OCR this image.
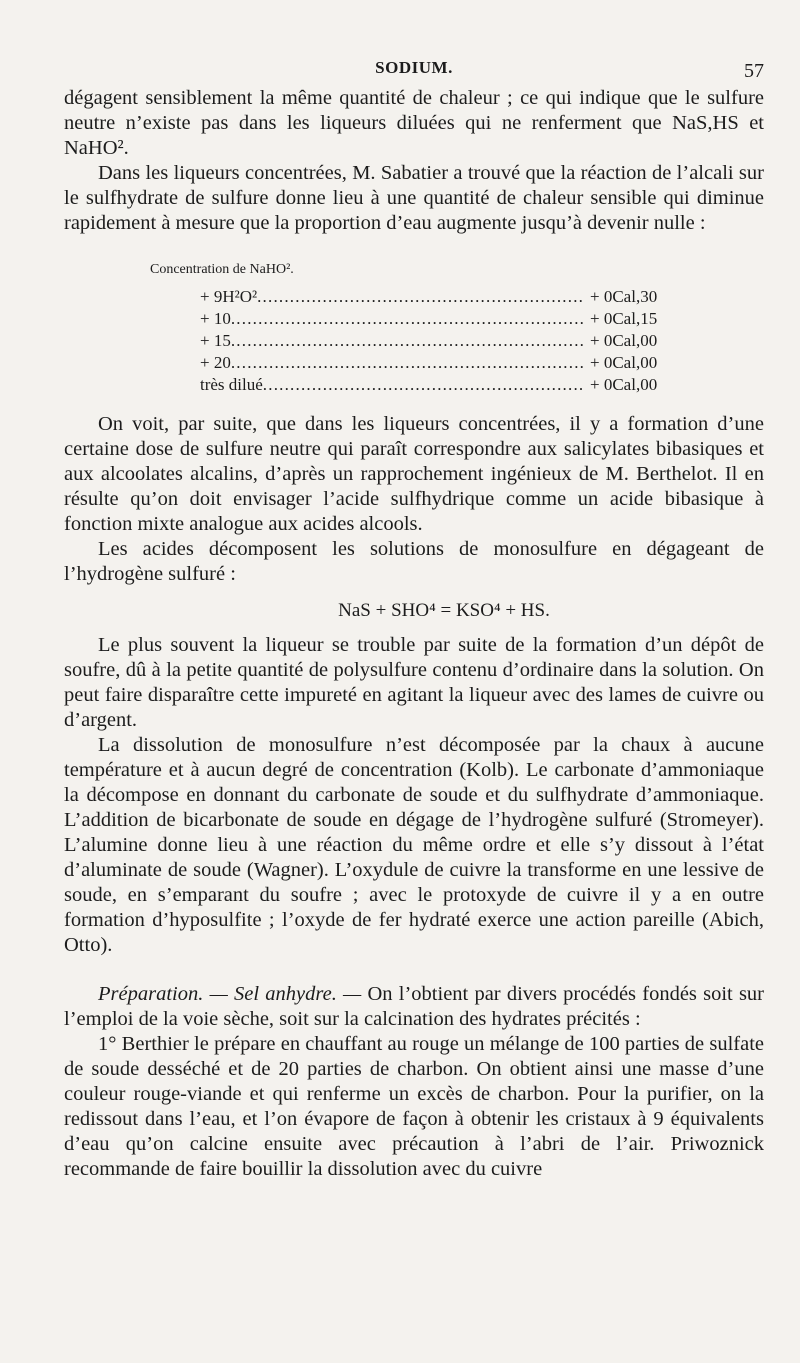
SODIUM.	57

dégagent sensiblement la même quantité de chaleur ; ce qui indique que le sulfure neutre n’existe pas dans les liqueurs diluées qui ne renferment que NaS,HS et NaHO².

Dans les liqueurs concentrées, M. Sabatier a trouvé que la réaction de l’alcali sur le sulfhydrate de sulfure donne lieu à une quantité de chaleur sensible qui diminue rapidement à mesure que la proportion d’eau augmente jusqu’à devenir nulle :

Concentration de NaHO².
+ 9H²O² .....	+ 0Cal,30
+ 10 .....	+ 0Cal,15
+ 15 .....	+ 0Cal,00
+ 20 .....	+ 0Cal,00
très dilué .....	+ 0Cal,00

On voit, par suite, que dans les liqueurs concentrées, il y a formation d’une certaine dose de sulfure neutre qui paraît correspondre aux salicylates bibasiques et aux alcoolates alcalins, d’après un rapprochement ingénieux de M. Berthelot. Il en résulte qu’on doit envisager l’acide sulfhydrique comme un acide bibasique à fonction mixte analogue aux acides alcools.

Les acides décomposent les solutions de monosulfure en dégageant de l’hydrogène sulfuré :

NaS + SHO⁴ = KSO⁴ + HS.

Le plus souvent la liqueur se trouble par suite de la formation d’un dépôt de soufre, dû à la petite quantité de polysulfure contenu d’ordinaire dans la solution. On peut faire disparaître cette impureté en agitant la liqueur avec des lames de cuivre ou d’argent.

La dissolution de monosulfure n’est décomposée par la chaux à aucune température et à aucun degré de concentration (Kolb). Le carbonate d’ammoniaque la décompose en donnant du carbonate de soude et du sulfhydrate d’ammoniaque. L’addition de bicarbonate de soude en dégage de l’hydrogène sulfuré (Stromeyer). L’alumine donne lieu à une réaction du même ordre et elle s’y dissout à l’état d’aluminate de soude (Wagner). L’oxydule de cuivre la transforme en une lessive de soude, en s’emparant du soufre ; avec le protoxyde de cuivre il y a en outre formation d’hyposulfite ; l’oxyde de fer hydraté exerce une action pareille (Abich, Otto).

Préparation. — Sel anhydre. — On l’obtient par divers procédés fondés soit sur l’emploi de la voie sèche, soit sur la calcination des hydrates précités :

1° Berthier le prépare en chauffant au rouge un mélange de 100 parties de sulfate de soude desséché et de 20 parties de charbon. On obtient ainsi une masse d’une couleur rouge-viande et qui renferme un excès de charbon. Pour la purifier, on la redissout dans l’eau, et l’on évapore de façon à obtenir les cristaux à 9 équivalents d’eau qu’on calcine ensuite avec précaution à l’abri de l’air. Priwoznick recommande de faire bouillir la dissolution avec du cuivre
